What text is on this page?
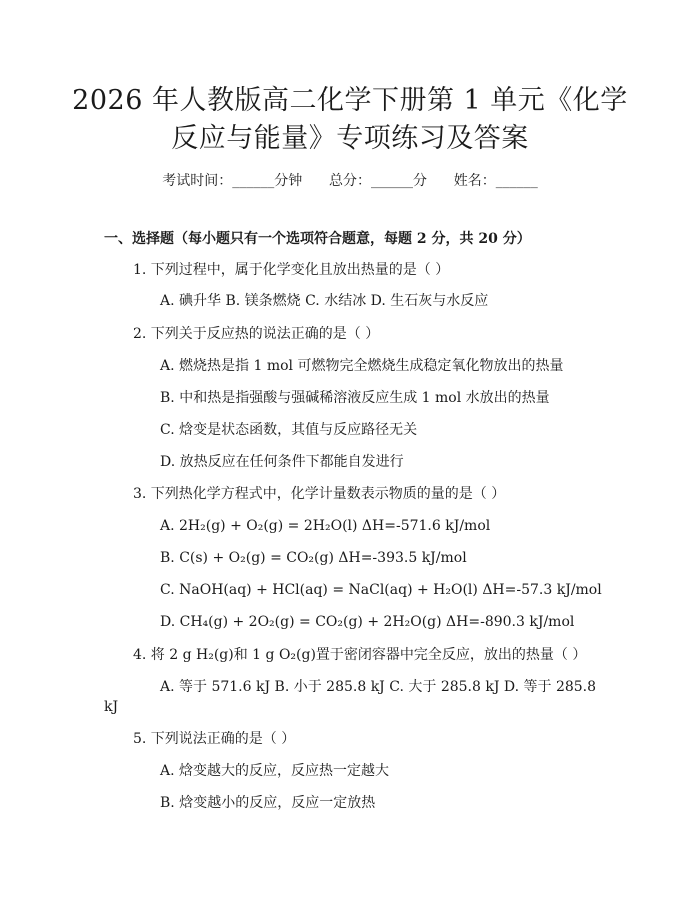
2026 年人教版高二化学下册第 1 单元《化学
反应与能量》专项练习及答案
考试时间：______分钟 总分：______分 姓名：______
一、选择题（每小题只有一个选项符合题意，每题 2 分，共 20 分）
1. 下列过程中，属于化学变化且放出热量的是（ ）
A. 碘升华 B. 镁条燃烧 C. 水结冰 D. 生石灰与水反应
2. 下列关于反应热的说法正确的是（ ）
A. 燃烧热是指 1 mol 可燃物完全燃烧生成稳定氧化物放出的热量
B. 中和热是指强酸与强碱稀溶液反应生成 1 mol 水放出的热量
C. 焓变是状态函数，其值与反应路径无关
D. 放热反应在任何条件下都能自发进行
3. 下列热化学方程式中，化学计量数表示物质的量的是（ ）
A. 2H₂(g) + O₂(g) = 2H₂O(l) ΔH=-571.6 kJ/mol
B. C(s) + O₂(g) = CO₂(g) ΔH=-393.5 kJ/mol
C. NaOH(aq) + HCl(aq) = NaCl(aq) + H₂O(l) ΔH=-57.3 kJ/mol
D. CH₄(g) + 2O₂(g) = CO₂(g) + 2H₂O(g) ΔH=-890.3 kJ/mol
4. 将 2 g H₂(g)和 1 g O₂(g)置于密闭容器中完全反应，放出的热量（ ）
A. 等于 571.6 kJ B. 小于 285.8 kJ C. 大于 285.8 kJ D. 等于 285.8
kJ
5. 下列说法正确的是（ ）
A. 焓变越大的反应，反应热一定越大
B. 焓变越小的反应，反应一定放热
